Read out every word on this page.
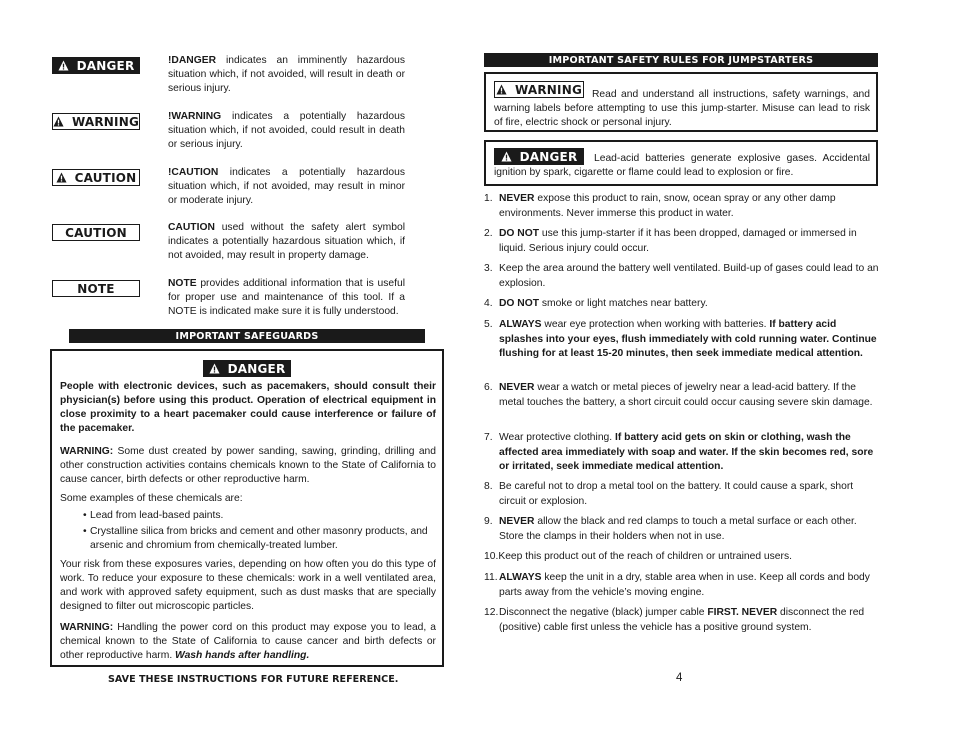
DANGER	!DANGER indicates an imminently hazardous situation which, if not avoided, will result in death or serious injury.
WARNING	!WARNING indicates a potentially hazardous situation which, if not avoided, could result in death or serious injury.
CAUTION	!CAUTION indicates a potentially hazardous situation which, if not avoided, may result in minor or moderate injury.
CAUTION	CAUTION used without the safety alert symbol indicates a potentially hazardous situation which, if not avoided, may result in property damage.
NOTE	NOTE provides additional information that is useful for proper use and maintenance of this tool. If a NOTE is indicated make sure it is fully understood.
IMPORTANT SAFEGUARDS
DANGER
People with electronic devices, such as pacemakers, should consult their physician(s) before using this product. Operation of electrical equipment in close proximity to a heart pacemaker could cause interference or failure of the pacemaker.
WARNING: Some dust created by power sanding, sawing, grinding, drilling and other construction activities contains chemicals known to the State of California to cause cancer, birth defects or other reproductive harm.
Some examples of these chemicals are:
• Lead from lead-based paints.
• Crystalline silica from bricks and cement and other masonry products, and arsenic and chromium from chemically-treated lumber.
Your risk from these exposures varies, depending on how often you do this type of work. To reduce your exposure to these chemicals: work in a well ventilated area, and work with approved safety equipment, such as dust masks that are specially designed to filter out microscopic particles.
WARNING: Handling the power cord on this product may expose you to lead, a chemical known to the State of California to cause cancer and birth defects or other reproductive harm. Wash hands after handling.
SAVE THESE INSTRUCTIONS FOR FUTURE REFERENCE.	4
IMPORTANT SAFETY RULES FOR JUMPSTARTERS
WARNING Read and understand all instructions, safety warnings, and warning labels before attempting to use this jump-starter. Misuse can lead to risk of fire, electric shock or personal injury.
DANGER	Lead-acid batteries generate explosive gases. Accidental ignition by spark, cigarette or flame could lead to explosion or fire.
1. NEVER expose this product to rain, snow, ocean spray or any other damp environments. Never immerse this product in water.
2. DO NOT use this jump-starter if it has been dropped, damaged or immersed in liquid. Serious injury could occur.
3. Keep the area around the battery well ventilated. Build-up of gases could lead to an explosion.
4. DO NOT smoke or light matches near battery.
5. ALWAYS wear eye protection when working with batteries. If battery acid splashes into your eyes, flush immediately with cold running water. Continue flushing for at least 15-20 minutes, then seek immediate medical attention.
6. NEVER wear a watch or metal pieces of jewelry near a lead-acid battery. If the metal touches the battery, a short circuit could occur causing severe skin damage.
7. Wear protective clothing. If battery acid gets on skin or clothing, wash the affected area immediately with soap and water. If the skin becomes red, sore or irritated, seek immediate medical attention.
8. Be careful not to drop a metal tool on the battery. It could cause a spark, short circuit or explosion.
9. NEVER allow the black and red clamps to touch a metal surface or each other. Store the clamps in their holders when not in use.
10.Keep this product out of the reach of children or untrained users.
11. ALWAYS keep the unit in a dry, stable area when in use. Keep all cords and body parts away from the vehicle’s moving engine.
12. Disconnect the negative (black) jumper cable FIRST. NEVER disconnect the red (positive) cable first unless the vehicle has a positive ground system.
